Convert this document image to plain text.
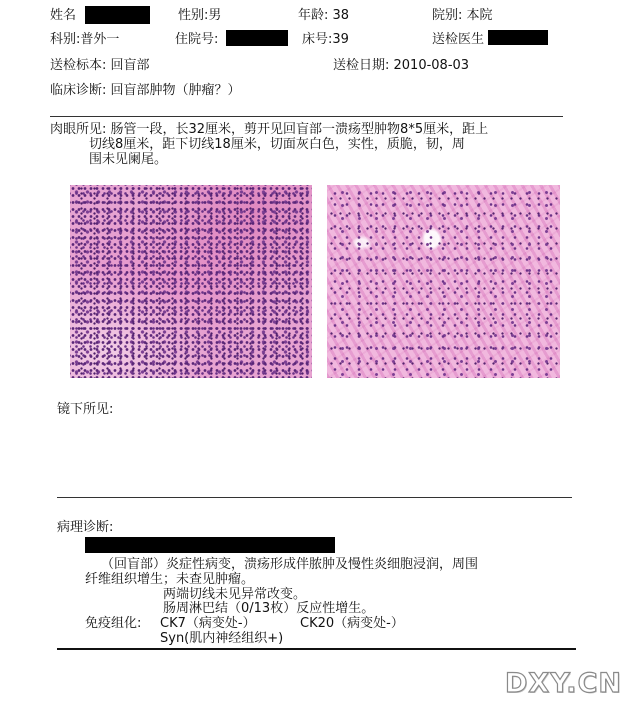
姓名	性别:男	年龄: 38	院别: 本院
科别:普外一	住院号:	床号:39	送检医生
送检标本: 回盲部	送检日期: 2010-08-03
临床诊断: 回盲部肿物（肿瘤？）
肉眼所见: 肠管一段，长32厘米，剪开见回盲部一溃疡型肿物8*5厘米，距上
切线8厘米，距下切线18厘米，切面灰白色，实性，质脆，韧，周
围未见阑尾。
镜下所见:
病理诊断:
（回盲部）炎症性病变，溃疡形成伴脓肿及慢性炎细胞浸润，周围
纤维组织增生；未查见肿瘤。
两端切线未见异常改变。
肠周淋巴结（0/13枚）反应性增生。
免疫组化: CK7（病变处-）	CK20（病变处-）
Syn(肌内神经组织+)
DXY.CN
